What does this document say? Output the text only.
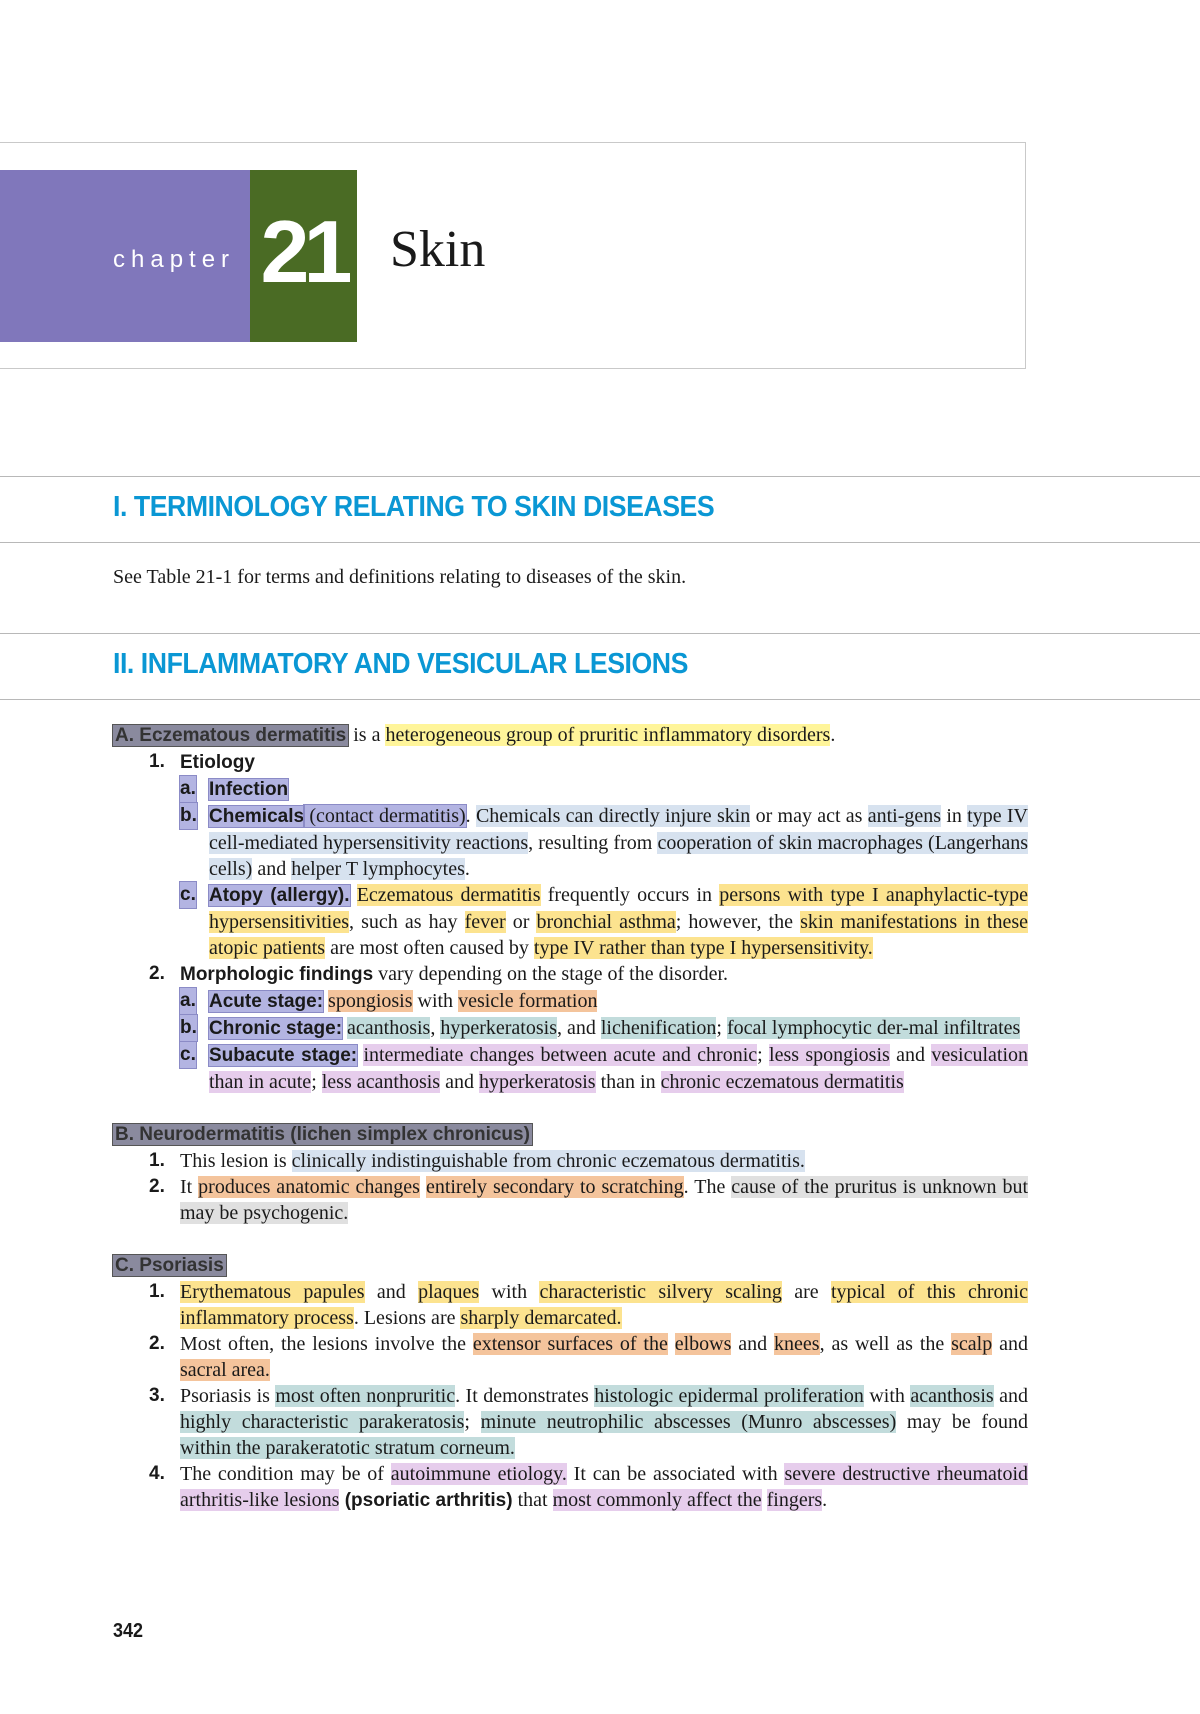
chapter 21 Skin
I. TERMINOLOGY RELATING TO SKIN DISEASES
See Table 21-1 for terms and definitions relating to diseases of the skin.
II. INFLAMMATORY AND VESICULAR LESIONS
A. Eczematous dermatitis is a heterogeneous group of pruritic inflammatory disorders.
1. Etiology
a. Infection
b. Chemicals (contact dermatitis). Chemicals can directly injure skin or may act as anti-gens in type IV cell-mediated hypersensitivity reactions, resulting from cooperation of skin macrophages (Langerhans cells) and helper T lymphocytes.
c. Atopy (allergy). Eczematous dermatitis frequently occurs in persons with type I anaphylactic-type hypersensitivities, such as hay fever or bronchial asthma; however, the skin manifestations in these atopic patients are most often caused by type IV rather than type I hypersensitivity.
2. Morphologic findings vary depending on the stage of the disorder.
a. Acute stage: spongiosis with vesicle formation
b. Chronic stage: acanthosis, hyperkeratosis, and lichenification; focal lymphocytic der-mal infiltrates
c. Subacute stage: intermediate changes between acute and chronic; less spongiosis and vesiculation than in acute; less acanthosis and hyperkeratosis than in chronic eczematous dermatitis
B. Neurodermatitis (lichen simplex chronicus)
1. This lesion is clinically indistinguishable from chronic eczematous dermatitis.
2. It produces anatomic changes entirely secondary to scratching. The cause of the pruritus is unknown but may be psychogenic.
C. Psoriasis
1. Erythematous papules and plaques with characteristic silvery scaling are typical of this chronic inflammatory process. Lesions are sharply demarcated.
2. Most often, the lesions involve the extensor surfaces of the elbows and knees, as well as the scalp and sacral area.
3. Psoriasis is most often nonpruritic. It demonstrates histologic epidermal proliferation with acanthosis and highly characteristic parakeratosis; minute neutrophilic abscesses (Munro abscesses) may be found within the parakeratotic stratum corneum.
4. The condition may be of autoimmune etiology. It can be associated with severe destructive rheumatoid arthritis-like lesions (psoriatic arthritis) that most commonly affect the fingers.
342
